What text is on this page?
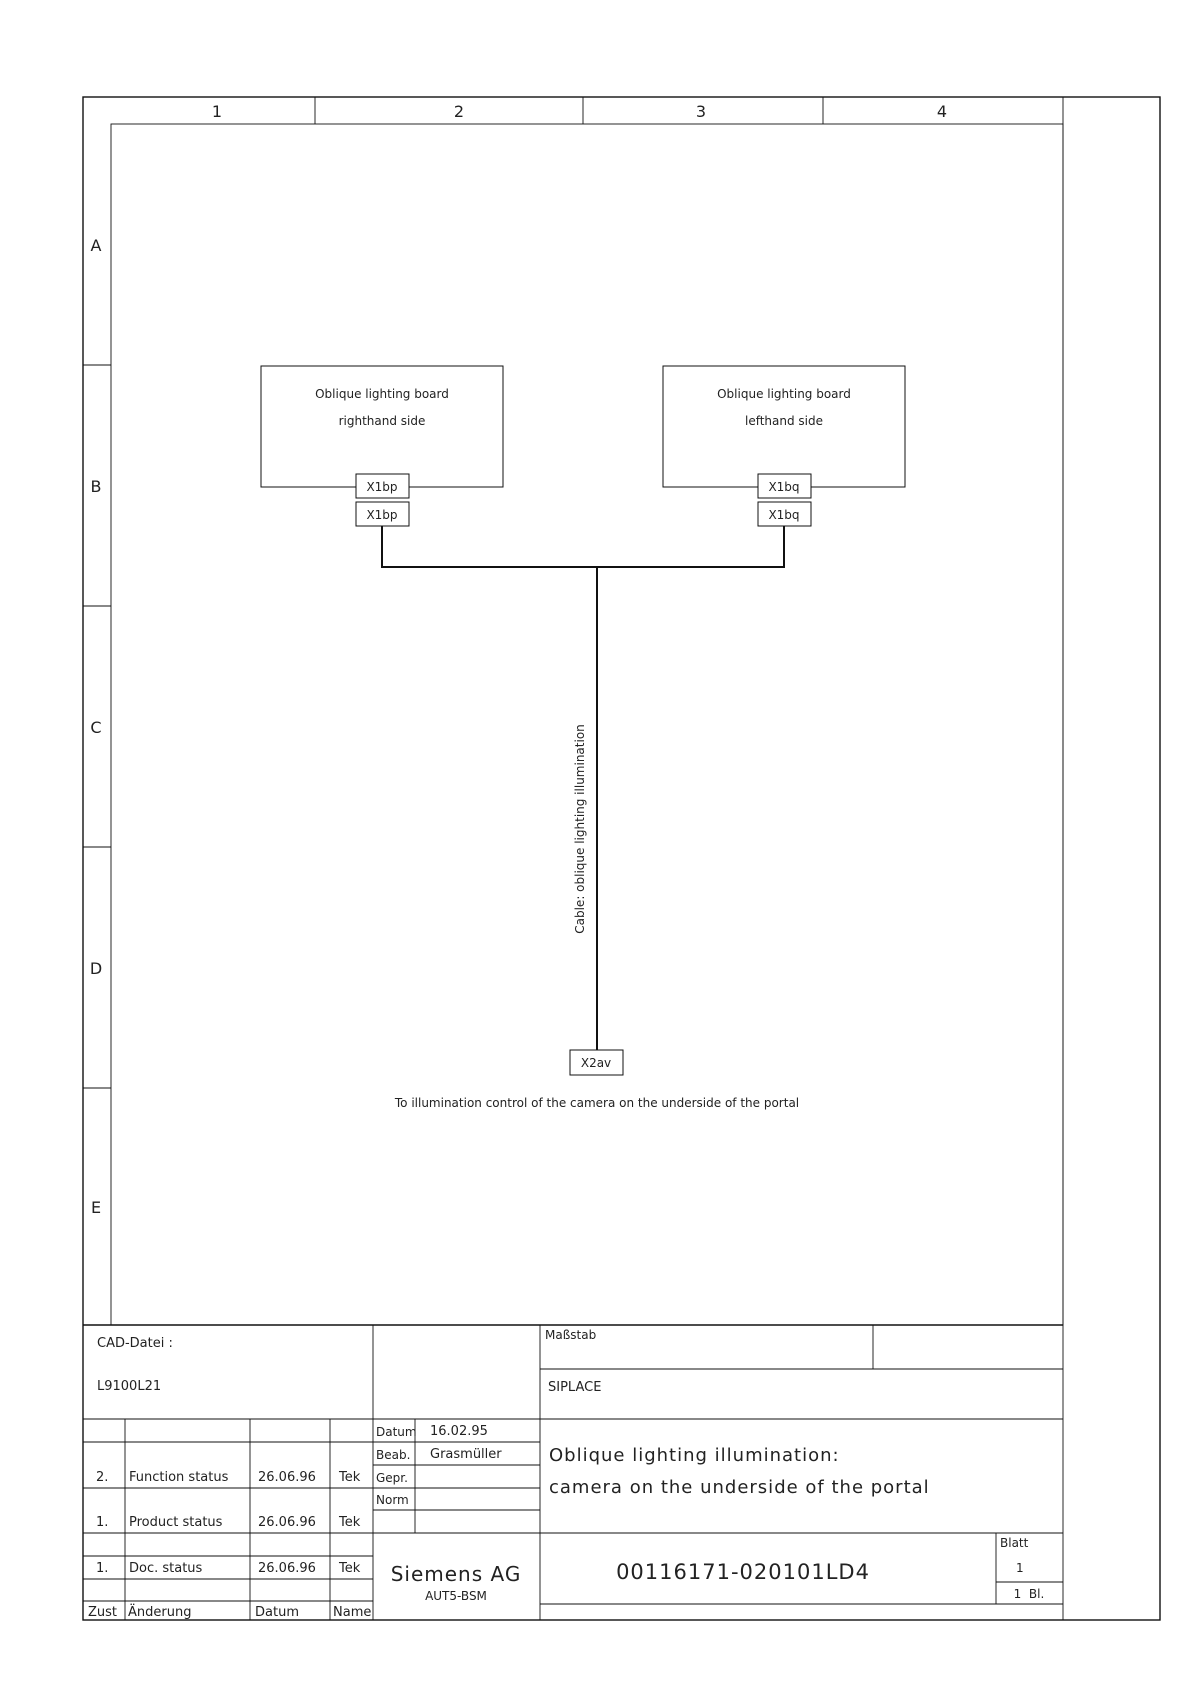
1	2	3	4
A
B
C
D
E
Oblique lighting board
righthand side
X1bp
X1bp
Oblique lighting board
lefthand side
X1bq
X1bq
Cable: oblique lighting illumination
X2av
To illumination control of the camera on the underside of the portal
CAD-Datei :
L9100L21
Maßstab
SIPLACE
Datum 16.02.95
Beab. Grasmüller
Gepr.
Norm
Oblique lighting illumination:
camera on the underside of the portal
2. Function status 26.06.96 Tek
1. Product status	26.06.96 Tek
1. Doc. status	26.06.96 Tek
Zust Änderung	Datum	Name
Siemens AG
AUT5-BSM
00116171-020101LD4
Blatt
1
1  Bl.
